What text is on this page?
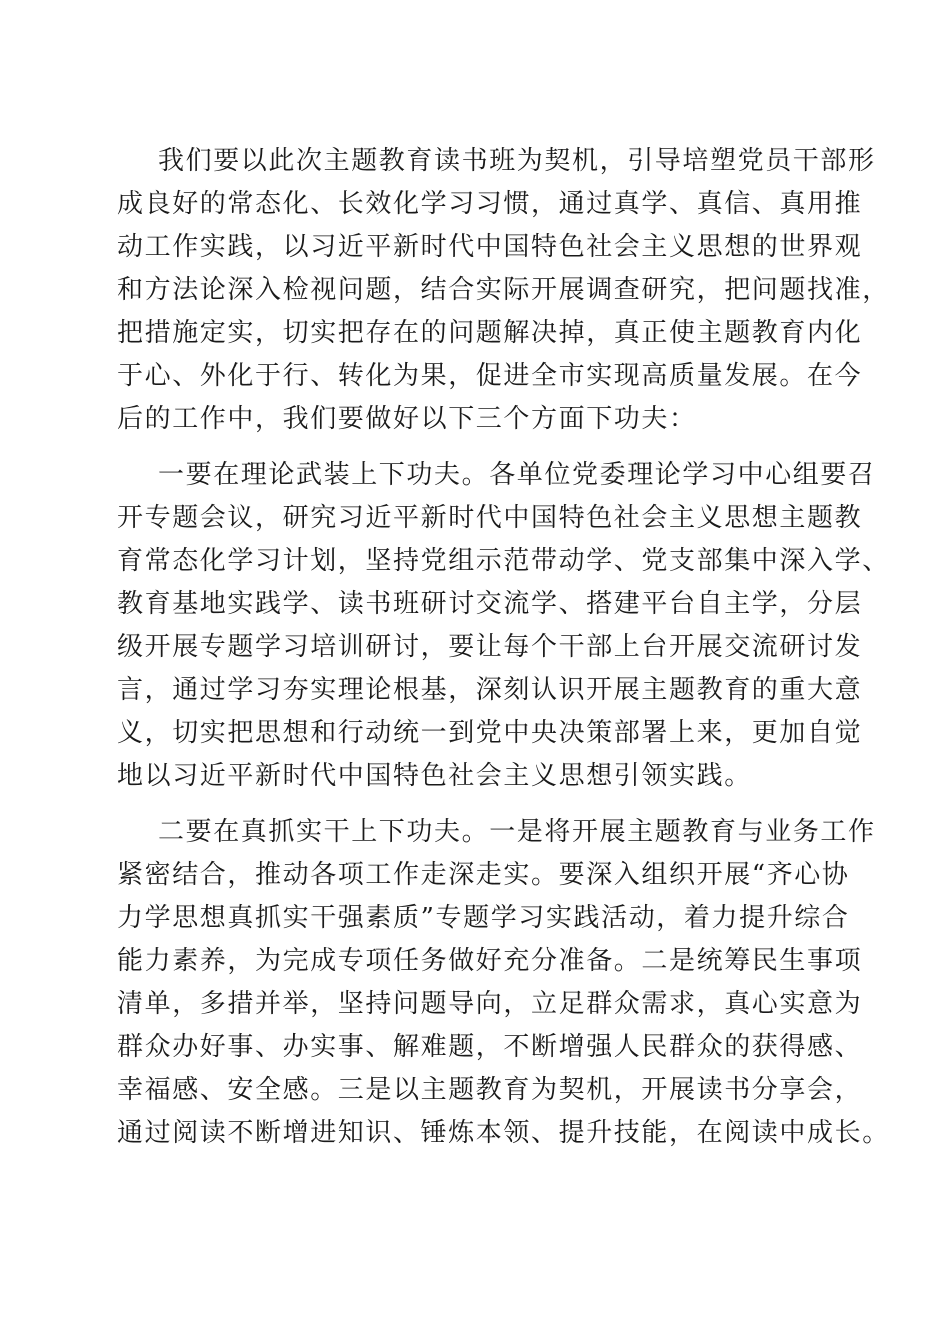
我们要以此次主题教育读书班为契机，引导培塑党员干部形
成良好的常态化、长效化学习习惯，通过真学、真信、真用推
动工作实践，以习近平新时代中国特色社会主义思想的世界观
和方法论深入检视问题，结合实际开展调查研究，把问题找准，
把措施定实，切实把存在的问题解决掉，真正使主题教育内化
于心、外化于行、转化为果，促进全市实现高质量发展。在今
后的工作中，我们要做好以下三个方面下功夫：
一要在理论武装上下功夫。各单位党委理论学习中心组要召
开专题会议，研究习近平新时代中国特色社会主义思想主题教
育常态化学习计划，坚持党组示范带动学、党支部集中深入学、
教育基地实践学、读书班研讨交流学、搭建平台自主学，分层
级开展专题学习培训研讨，要让每个干部上台开展交流研讨发
言，通过学习夯实理论根基，深刻认识开展主题教育的重大意
义，切实把思想和行动统一到党中央决策部署上来，更加自觉
地以习近平新时代中国特色社会主义思想引领实践。
二要在真抓实干上下功夫。一是将开展主题教育与业务工作
紧密结合，推动各项工作走深走实。要深入组织开展“齐心协
力学思想真抓实干强素质”专题学习实践活动，着力提升综合
能力素养，为完成专项任务做好充分准备。二是统筹民生事项
清单，多措并举，坚持问题导向，立足群众需求，真心实意为
群众办好事、办实事、解难题，不断增强人民群众的获得感、
幸福感、安全感。三是以主题教育为契机，开展读书分享会，
通过阅读不断增进知识、锤炼本领、提升技能，在阅读中成长。
